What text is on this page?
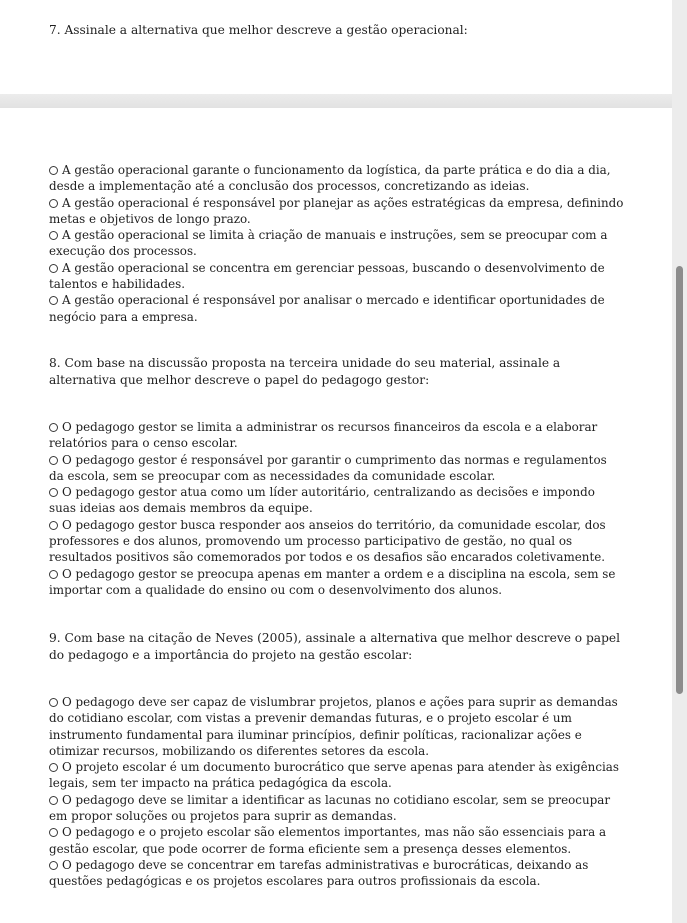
7. Assinale a alternativa que melhor descreve a gestão operacional:
A gestão operacional garante o funcionamento da logística, da parte prática e do dia a dia, desde a implementação até a conclusão dos processos, concretizando as ideias.
A gestão operacional é responsável por planejar as ações estratégicas da empresa, definindo metas e objetivos de longo prazo.
A gestão operacional se limita à criação de manuais e instruções, sem se preocupar com a execução dos processos.
A gestão operacional se concentra em gerenciar pessoas, buscando o desenvolvimento de talentos e habilidades.
A gestão operacional é responsável por analisar o mercado e identificar oportunidades de negócio para a empresa.
8. Com base na discussão proposta na terceira unidade do seu material, assinale a alternativa que melhor descreve o papel do pedagogo gestor:
O pedagogo gestor se limita a administrar os recursos financeiros da escola e a elaborar relatórios para o censo escolar.
O pedagogo gestor é responsável por garantir o cumprimento das normas e regulamentos da escola, sem se preocupar com as necessidades da comunidade escolar.
O pedagogo gestor atua como um líder autoritário, centralizando as decisões e impondo suas ideias aos demais membros da equipe.
O pedagogo gestor busca responder aos anseios do território, da comunidade escolar, dos professores e dos alunos, promovendo um processo participativo de gestão, no qual os resultados positivos são comemorados por todos e os desafios são encarados coletivamente.
O pedagogo gestor se preocupa apenas em manter a ordem e a disciplina na escola, sem se importar com a qualidade do ensino ou com o desenvolvimento dos alunos.
9. Com base na citação de Neves (2005), assinale a alternativa que melhor descreve o papel do pedagogo e a importância do projeto na gestão escolar:
O pedagogo deve ser capaz de vislumbrar projetos, planos e ações para suprir as demandas do cotidiano escolar, com vistas a prevenir demandas futuras, e o projeto escolar é um instrumento fundamental para iluminar princípios, definir políticas, racionalizar ações e otimizar recursos, mobilizando os diferentes setores da escola.
O projeto escolar é um documento burocrático que serve apenas para atender às exigências legais, sem ter impacto na prática pedagógica da escola.
O pedagogo deve se limitar a identificar as lacunas no cotidiano escolar, sem se preocupar em propor soluções ou projetos para suprir as demandas.
O pedagogo e o projeto escolar são elementos importantes, mas não são essenciais para a gestão escolar, que pode ocorrer de forma eficiente sem a presença desses elementos.
O pedagogo deve se concentrar em tarefas administrativas e burocráticas, deixando as questões pedagógicas e os projetos escolares para outros profissionais da escola.
